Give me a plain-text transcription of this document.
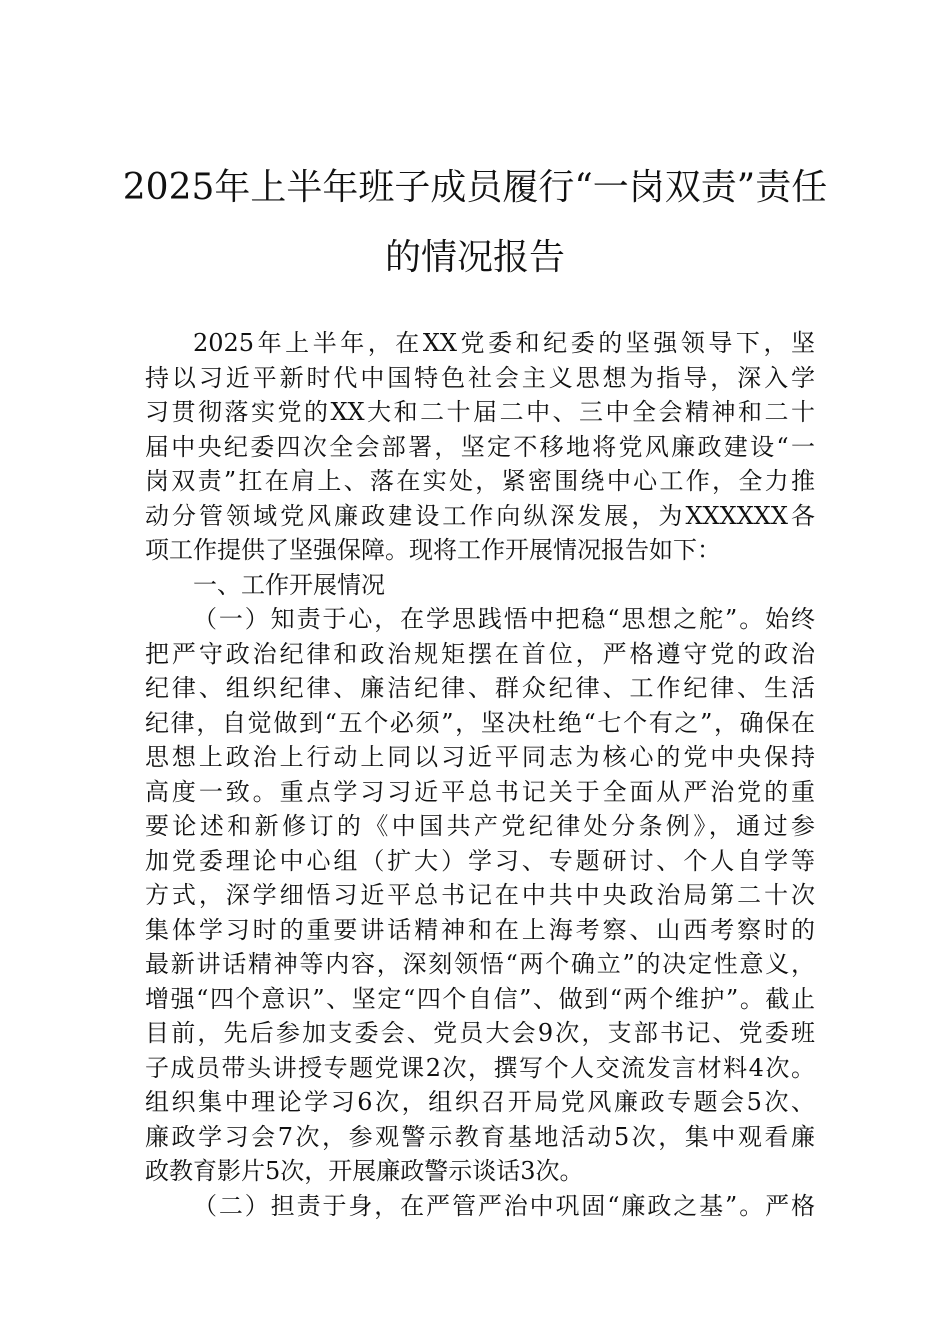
2025年上半年班子成员履行“一岗双责”责任
的情况报告
2025年上半年，在XX党委和纪委的坚强领导下，坚
持以习近平新时代中国特色社会主义思想为指导，深入学
习贯彻落实党的XX大和二十届二中、三中全会精神和二十
届中央纪委四次全会部署，坚定不移地将党风廉政建设“一
岗双责”扛在肩上、落在实处，紧密围绕中心工作，全力推
动分管领域党风廉政建设工作向纵深发展，为XXXXXX各
项工作提供了坚强保障。现将工作开展情况报告如下：
一、工作开展情况
（一）知责于心，在学思践悟中把稳“思想之舵”。始终
把严守政治纪律和政治规矩摆在首位，严格遵守党的政治
纪律、组织纪律、廉洁纪律、群众纪律、工作纪律、生活
纪律，自觉做到“五个必须”，坚决杜绝“七个有之”，确保在
思想上政治上行动上同以习近平同志为核心的党中央保持
高度一致。重点学习习近平总书记关于全面从严治党的重
要论述和新修订的《中国共产党纪律处分条例》，通过参
加党委理论中心组（扩大）学习、专题研讨、个人自学等
方式，深学细悟习近平总书记在中共中央政治局第二十次
集体学习时的重要讲话精神和在上海考察、山西考察时的
最新讲话精神等内容，深刻领悟“两个确立”的决定性意义，
增强“四个意识”、坚定“四个自信”、做到“两个维护”。截止
目前，先后参加支委会、党员大会9次，支部书记、党委班
子成员带头讲授专题党课2次，撰写个人交流发言材料4次。
组织集中理论学习6次，组织召开局党风廉政专题会5次、
廉政学习会7次，参观警示教育基地活动5次，集中观看廉
政教育影片5次，开展廉政警示谈话3次。
（二）担责于身，在严管严治中巩固“廉政之基”。严格
